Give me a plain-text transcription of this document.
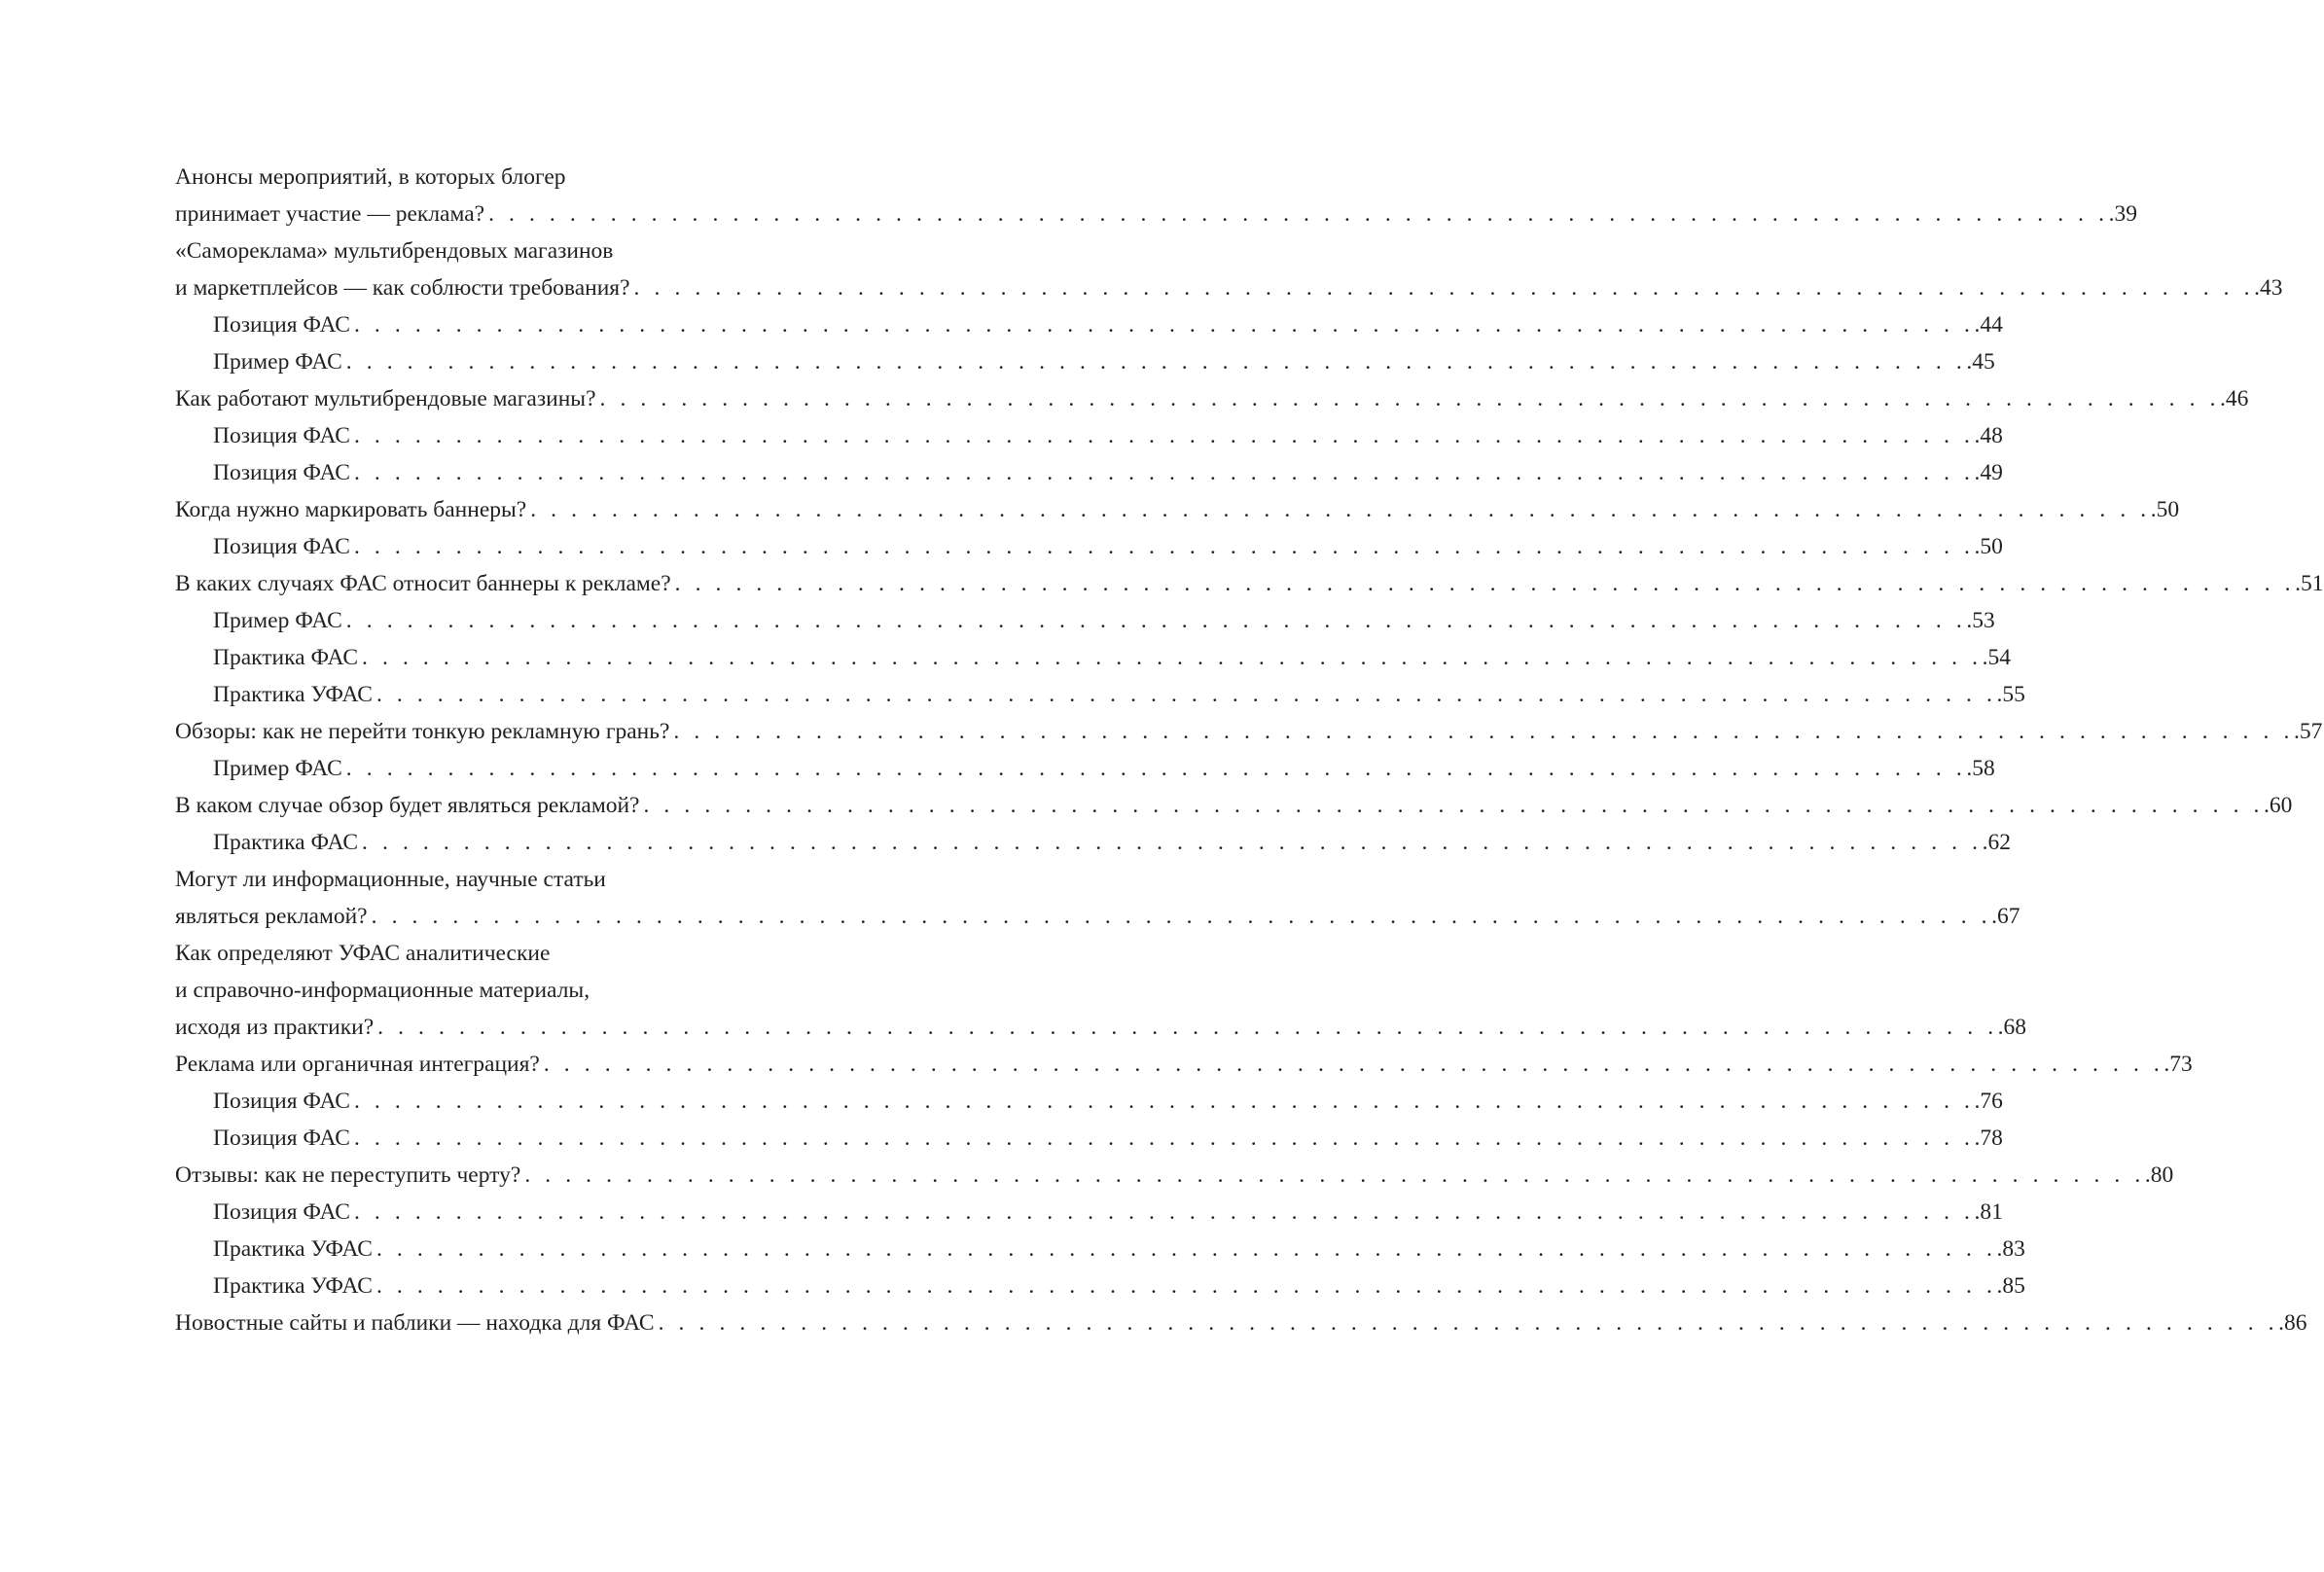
Анонсы мероприятий, в которых блогер
принимает участие — реклама? . . . . . . . . . . . . . . . . . . . . . . . . . . . . . . . . . . . . . . . . . . . . . . . . . . . . . . . . . . . . . . . . . . . . . . . . . . . . . . . . .39
«Самореклама» мультибрендовых магазинов
и маркетплейсов — как соблюсти требования? . . . . . . . . . . . . . . . . . . . . . . . . . . . . . . . . . . . . . . . . . . . . . . . . . . . . . . . . . . . . . . . . . . . . . . . . . . . . . . . . .43
Позиция ФАС . . . . . . . . . . . . . . . . . . . . . . . . . . . . . . . . . . . . . . . . . . . . . . . . . . . . . . . . . . . . . . . . . . . . . . . . . . . . . . . . .44
Пример ФАС . . . . . . . . . . . . . . . . . . . . . . . . . . . . . . . . . . . . . . . . . . . . . . . . . . . . . . . . . . . . . . . . . . . . . . . . . . . . . . . . .45
Как работают мультибрендовые магазины? . . . . . . . . . . . . . . . . . . . . . . . . . . . . . . . . . . . . . . . . . . . . . . . . . . . . . . . . . . . . . . . . . . . . . . . . . . . . . . . . .46
Позиция ФАС . . . . . . . . . . . . . . . . . . . . . . . . . . . . . . . . . . . . . . . . . . . . . . . . . . . . . . . . . . . . . . . . . . . . . . . . . . . . . . . . .48
Позиция ФАС . . . . . . . . . . . . . . . . . . . . . . . . . . . . . . . . . . . . . . . . . . . . . . . . . . . . . . . . . . . . . . . . . . . . . . . . . . . . . . . . .49
Когда нужно маркировать баннеры? . . . . . . . . . . . . . . . . . . . . . . . . . . . . . . . . . . . . . . . . . . . . . . . . . . . . . . . . . . . . . . . . . . . . . . . . . . . . . . . . .50
Позиция ФАС . . . . . . . . . . . . . . . . . . . . . . . . . . . . . . . . . . . . . . . . . . . . . . . . . . . . . . . . . . . . . . . . . . . . . . . . . . . . . . . . .50
В каких случаях ФАС относит баннеры к рекламе? . . . . . . . . . . . . . . . . . . . . . . . . . . . . . . . . . . . . . . . . . . . . . . . . . . . . . . . . . . . . . . . . . . . . . . . . . . . . . . . . .51
Пример ФАС . . . . . . . . . . . . . . . . . . . . . . . . . . . . . . . . . . . . . . . . . . . . . . . . . . . . . . . . . . . . . . . . . . . . . . . . . . . . . . . . .53
Практика ФАС . . . . . . . . . . . . . . . . . . . . . . . . . . . . . . . . . . . . . . . . . . . . . . . . . . . . . . . . . . . . . . . . . . . . . . . . . . . . . . . . .54
Практика УФАС . . . . . . . . . . . . . . . . . . . . . . . . . . . . . . . . . . . . . . . . . . . . . . . . . . . . . . . . . . . . . . . . . . . . . . . . . . . . . . . . .55
Обзоры: как не перейти тонкую рекламную грань? . . . . . . . . . . . . . . . . . . . . . . . . . . . . . . . . . . . . . . . . . . . . . . . . . . . . . . . . . . . . . . . . . . . . . . . . . . . . . . . . .57
Пример ФАС . . . . . . . . . . . . . . . . . . . . . . . . . . . . . . . . . . . . . . . . . . . . . . . . . . . . . . . . . . . . . . . . . . . . . . . . . . . . . . . . .58
В каком случае обзор будет являться рекламой? . . . . . . . . . . . . . . . . . . . . . . . . . . . . . . . . . . . . . . . . . . . . . . . . . . . . . . . . . . . . . . . . . . . . . . . . . . . . . . . . .60
Практика ФАС . . . . . . . . . . . . . . . . . . . . . . . . . . . . . . . . . . . . . . . . . . . . . . . . . . . . . . . . . . . . . . . . . . . . . . . . . . . . . . . . .62
Могут ли информационные, научные статьи
являться рекламой? . . . . . . . . . . . . . . . . . . . . . . . . . . . . . . . . . . . . . . . . . . . . . . . . . . . . . . . . . . . . . . . . . . . . . . . . . . . . . . . . .67
Как определяют УФАС аналитические
и справочно-информационные материалы,
исходя из практики? . . . . . . . . . . . . . . . . . . . . . . . . . . . . . . . . . . . . . . . . . . . . . . . . . . . . . . . . . . . . . . . . . . . . . . . . . . . . . . . . .68
Реклама или органичная интеграция? . . . . . . . . . . . . . . . . . . . . . . . . . . . . . . . . . . . . . . . . . . . . . . . . . . . . . . . . . . . . . . . . . . . . . . . . . . . . . . . . .73
Позиция ФАС . . . . . . . . . . . . . . . . . . . . . . . . . . . . . . . . . . . . . . . . . . . . . . . . . . . . . . . . . . . . . . . . . . . . . . . . . . . . . . . . .76
Позиция ФАС . . . . . . . . . . . . . . . . . . . . . . . . . . . . . . . . . . . . . . . . . . . . . . . . . . . . . . . . . . . . . . . . . . . . . . . . . . . . . . . . .78
Отзывы: как не переступить черту? . . . . . . . . . . . . . . . . . . . . . . . . . . . . . . . . . . . . . . . . . . . . . . . . . . . . . . . . . . . . . . . . . . . . . . . . . . . . . . . . .80
Позиция ФАС . . . . . . . . . . . . . . . . . . . . . . . . . . . . . . . . . . . . . . . . . . . . . . . . . . . . . . . . . . . . . . . . . . . . . . . . . . . . . . . . .81
Практика УФАС . . . . . . . . . . . . . . . . . . . . . . . . . . . . . . . . . . . . . . . . . . . . . . . . . . . . . . . . . . . . . . . . . . . . . . . . . . . . . . . . .83
Практика УФАС . . . . . . . . . . . . . . . . . . . . . . . . . . . . . . . . . . . . . . . . . . . . . . . . . . . . . . . . . . . . . . . . . . . . . . . . . . . . . . . . .85
Новостные сайты и паблики — находка для ФАС . . . . . . . . . . . . . . . . . . . . . . . . . . . . . . . . . . . . . . . . . . . . . . . . . . . . . . . . . . . . . . . . . . . . . . . . . . . . . . . . .86
